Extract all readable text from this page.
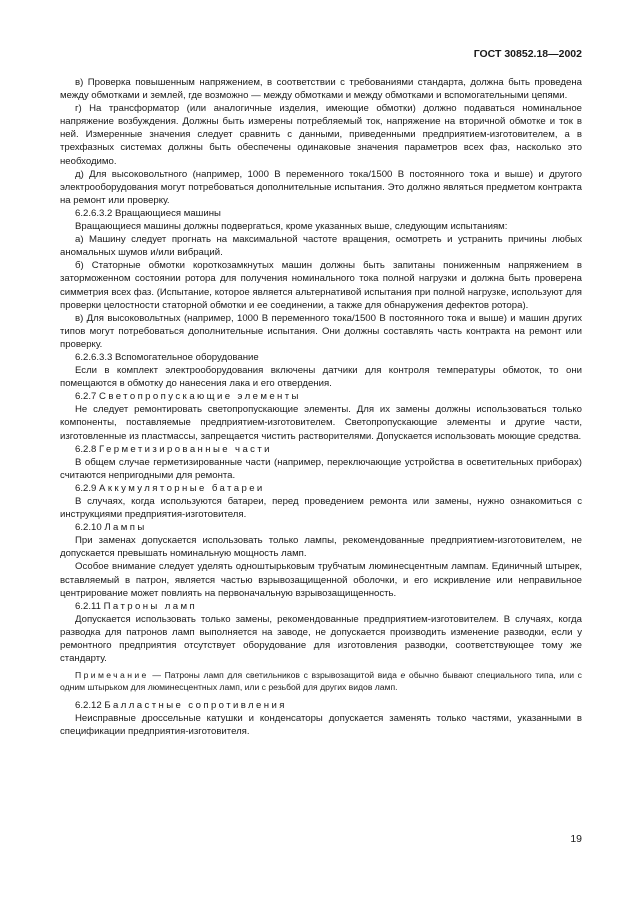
ГОСТ 30852.18—2002

в) Проверка повышенным напряжением, в соответствии с требованиями стандарта, должна быть проведена между обмотками и землей, где возможно — между обмотками и между обмотками и вспомогательными цепями.

г) На трансформатор (или аналогичные изделия, имеющие обмотки) должно подаваться номинальное напряжение возбуждения. Должны быть измерены потребляемый ток, напряжение на вторичной обмотке и ток в ней. Измеренные значения следует сравнить с данными, приведенными предприятием-изготовителем, а в трехфазных системах должны быть обеспечены одинаковые значения параметров всех фаз, насколько это необходимо.

д) Для высоковольтного (например, 1000 В переменного тока/1500 В постоянного тока и выше) и другого электрооборудования могут потребоваться дополнительные испытания. Это должно являться предметом контракта на ремонт или проверку.

6.2.6.3.2 Вращающиеся машины

Вращающиеся машины должны подвергаться, кроме указанных выше, следующим испытаниям:

а) Машину следует прогнать на максимальной частоте вращения, осмотреть и устранить причины любых аномальных шумов и/или вибраций.

б) Статорные обмотки короткозамкнутых машин должны быть запитаны пониженным напряжением в заторможенном состоянии ротора для получения номинального тока полной нагрузки и должна быть проверена симметрия всех фаз. (Испытание, которое является альтернативой испытания при полной нагрузке, используют для проверки целостности статорной обмотки и ее соединении, а также для обнаружения дефектов ротора).

в) Для высоковольтных (например, 1000 В переменного тока/1500 В постоянного тока и выше) и машин других типов могут потребоваться дополнительные испытания. Они должны составлять часть контракта на ремонт или проверку.

6.2.6.3.3 Вспомогательное оборудование

Если в комплект электрооборудования включены датчики для контроля температуры обмоток, то они помещаются в обмотку до нанесения лака и его отвердения.

6.2.7 Светопропускающие элементы

Не следует ремонтировать светопропускающие элементы. Для их замены должны использоваться только компоненты, поставляемые предприятием-изготовителем. Светопропускающие элементы и другие части, изготовленные из пластмассы, запрещается чистить растворителями. Допускается использовать моющие средства.

6.2.8 Герметизированные части

В общем случае герметизированные части (например, переключающие устройства в осветительных приборах) считаются непригодными для ремонта.

6.2.9 Аккумуляторные батареи

В случаях, когда используются батареи, перед проведением ремонта или замены, нужно ознакомиться с инструкциями предприятия-изготовителя.

6.2.10 Лампы

При заменах допускается использовать только лампы, рекомендованные предприятием-изготовителем, не допускается превышать номинальную мощность ламп.

Особое внимание следует уделять одноштырьковым трубчатым люминесцентным лампам. Единичный штырек, вставляемый в патрон, является частью взрывозащищенной оболочки, и его искривление или неправильное центрирование может повлиять на первоначальную взрывозащищенность.

6.2.11 Патроны ламп

Допускается использовать только замены, рекомендованные предприятием-изготовителем. В случаях, когда разводка для патронов ламп выполняется на заводе, не допускается производить изменение разводки, если у ремонтного предприятия отсутствует оборудование для изготовления разводки, соответствующее тому же стандарту.

Примечание — Патроны ламп для светильников с взрывозащитой вида е обычно бывают специального типа, или с одним штырьком для люминесцентных ламп, или с резьбой для других видов ламп.

6.2.12 Балластные сопротивления

Неисправные дроссельные катушки и конденсаторы допускается заменять только частями, указанными в спецификации предприятия-изготовителя.

19
